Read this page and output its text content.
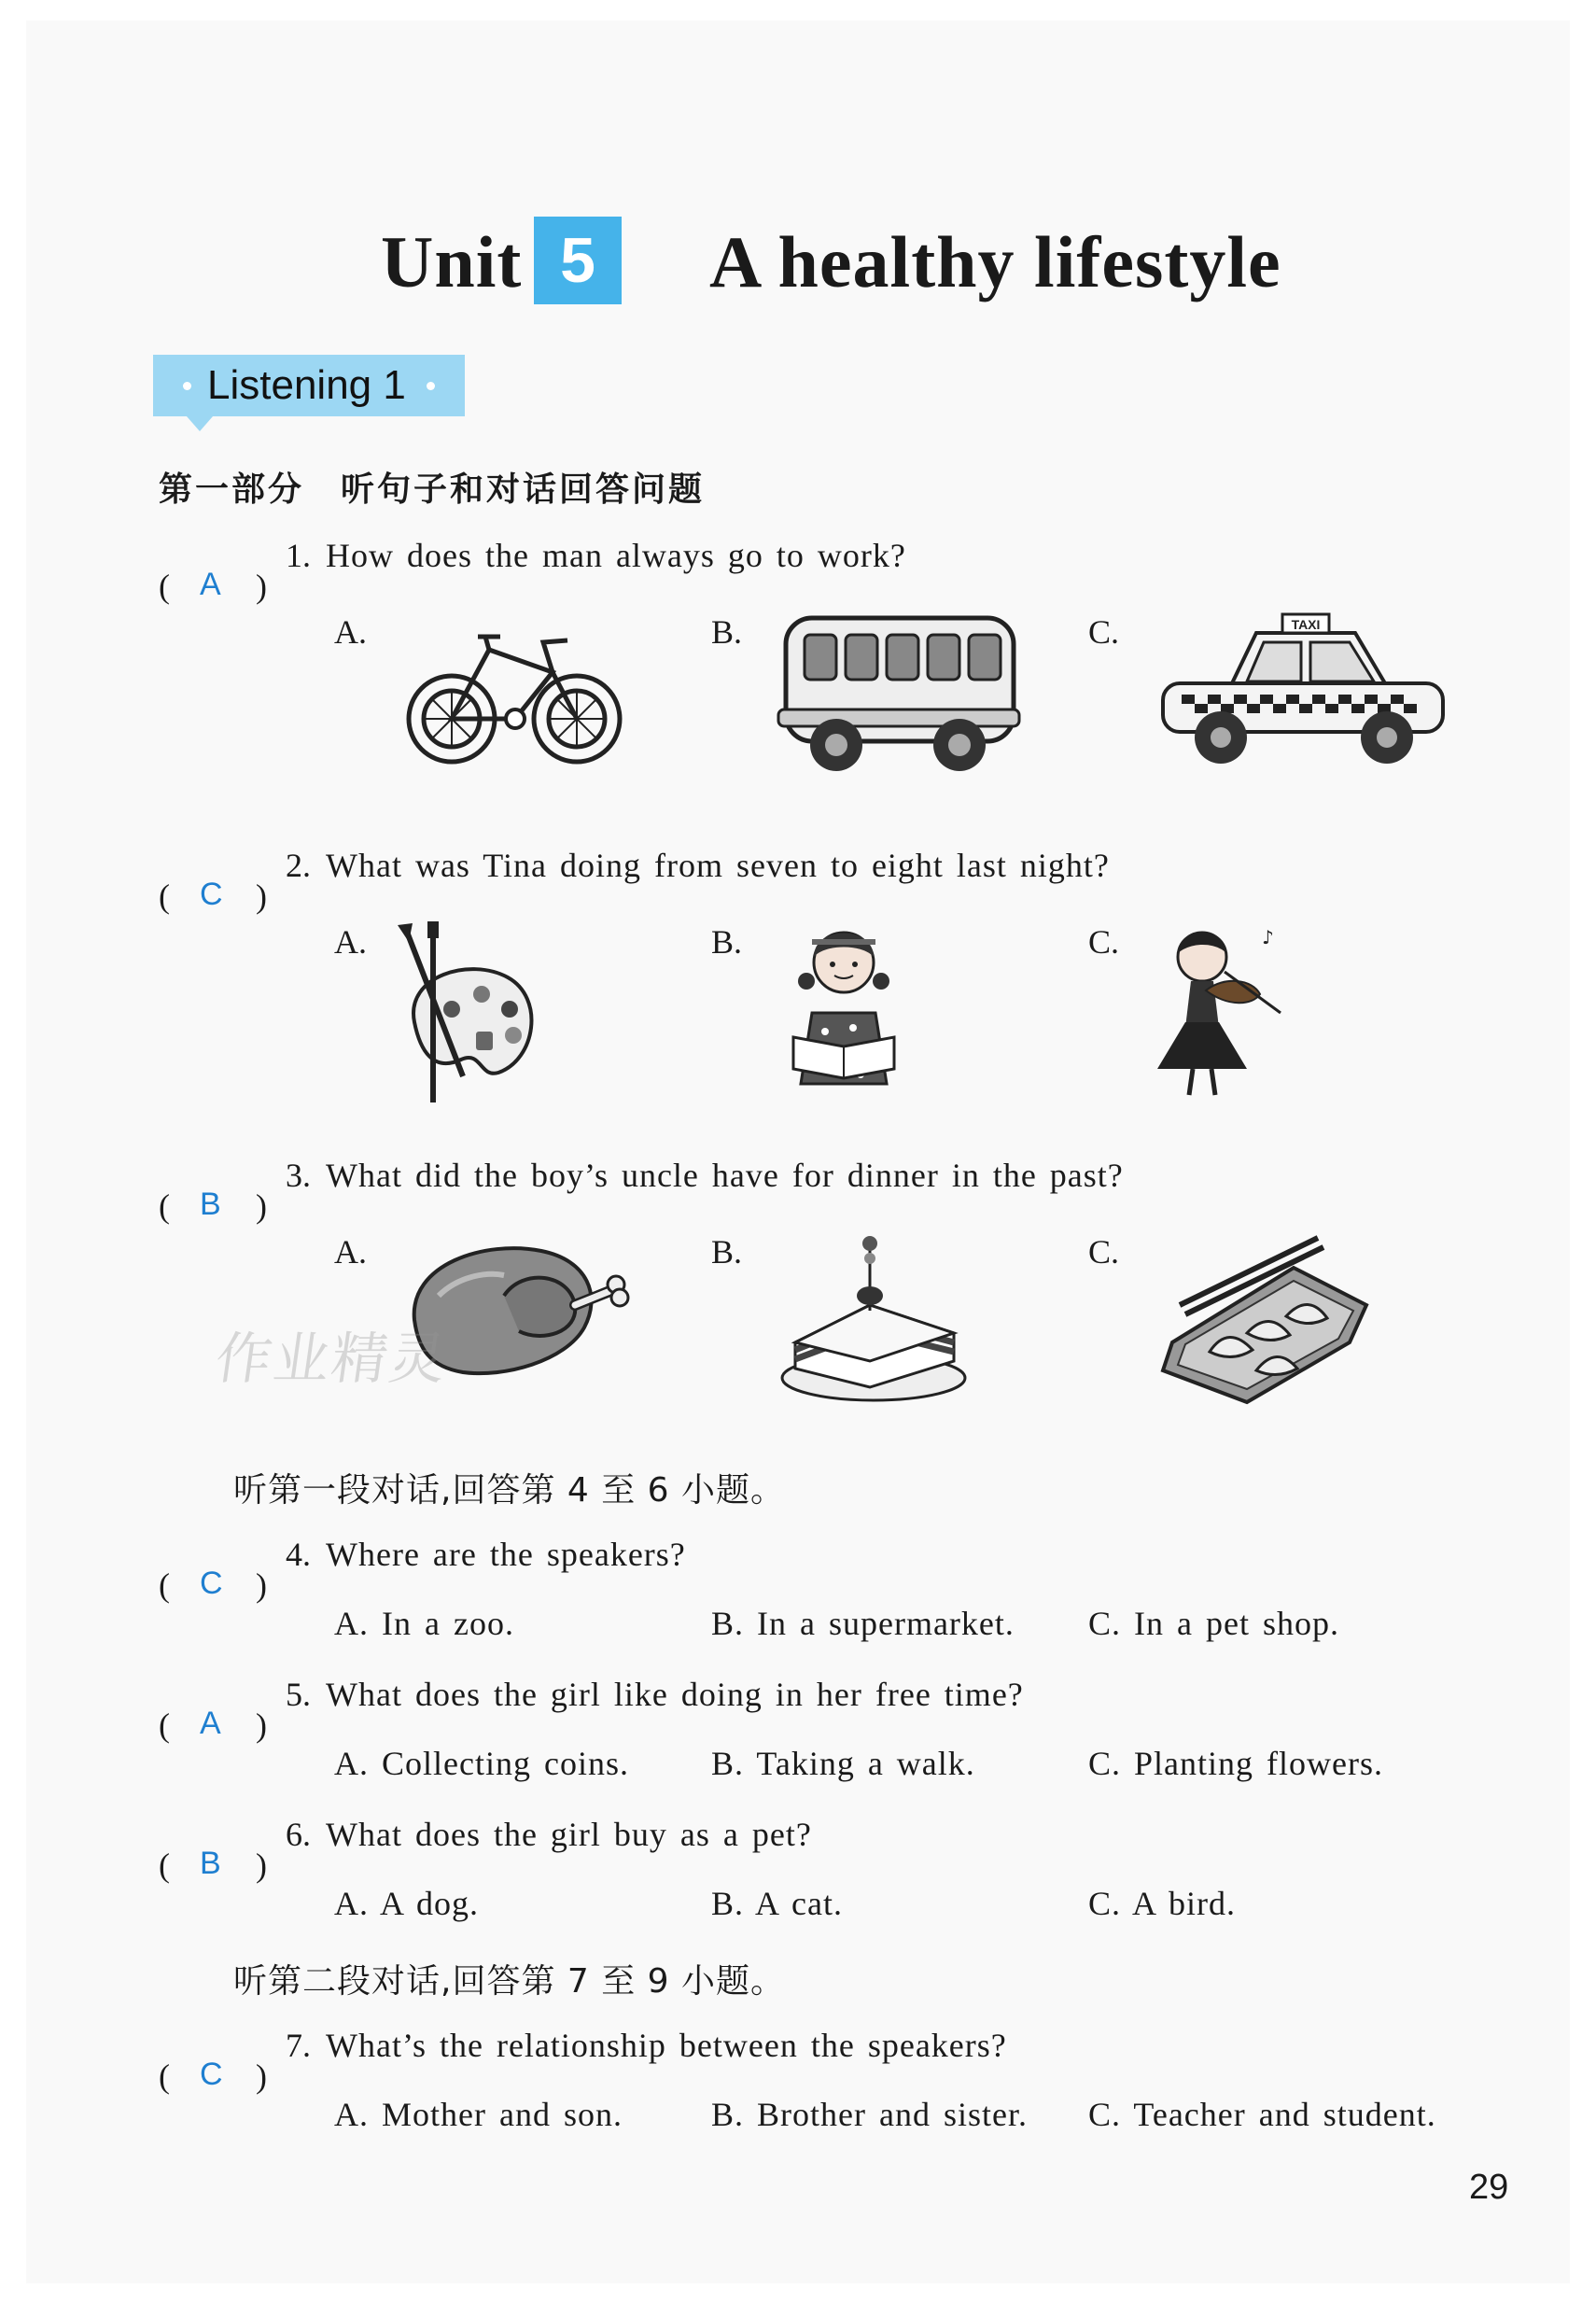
Unit 5	A healthy lifestyle
Listening 1
第一部分　听句子和对话回答问题
( A )
1. How does the man always go to work?
A.	B.	C.	TAXI
( C )
2. What was Tina doing from seven to eight last night?
A.	B.	C.	♪
( B )
3. What did the boy’s uncle have for dinner in the past?
A.	B.	C.
作业精灵
听第一段对话,回答第 4 至 6 小题。
( C )
4. Where are the speakers?
A. In a zoo.	B. In a supermarket. C. In a pet shop.
( A )
5. What does the girl like doing in her free time?
A. Collecting coins. B. Taking a walk.	C. Planting flowers.
( B )
6. What does the girl buy as a pet?
A. A dog.	B. A cat.	C. A bird.
听第二段对话,回答第 7 至 9 小题。
( C )
7. What’s the relationship between the speakers?
A. Mother and son.	B. Brother and sister. C. Teacher and student.
29
